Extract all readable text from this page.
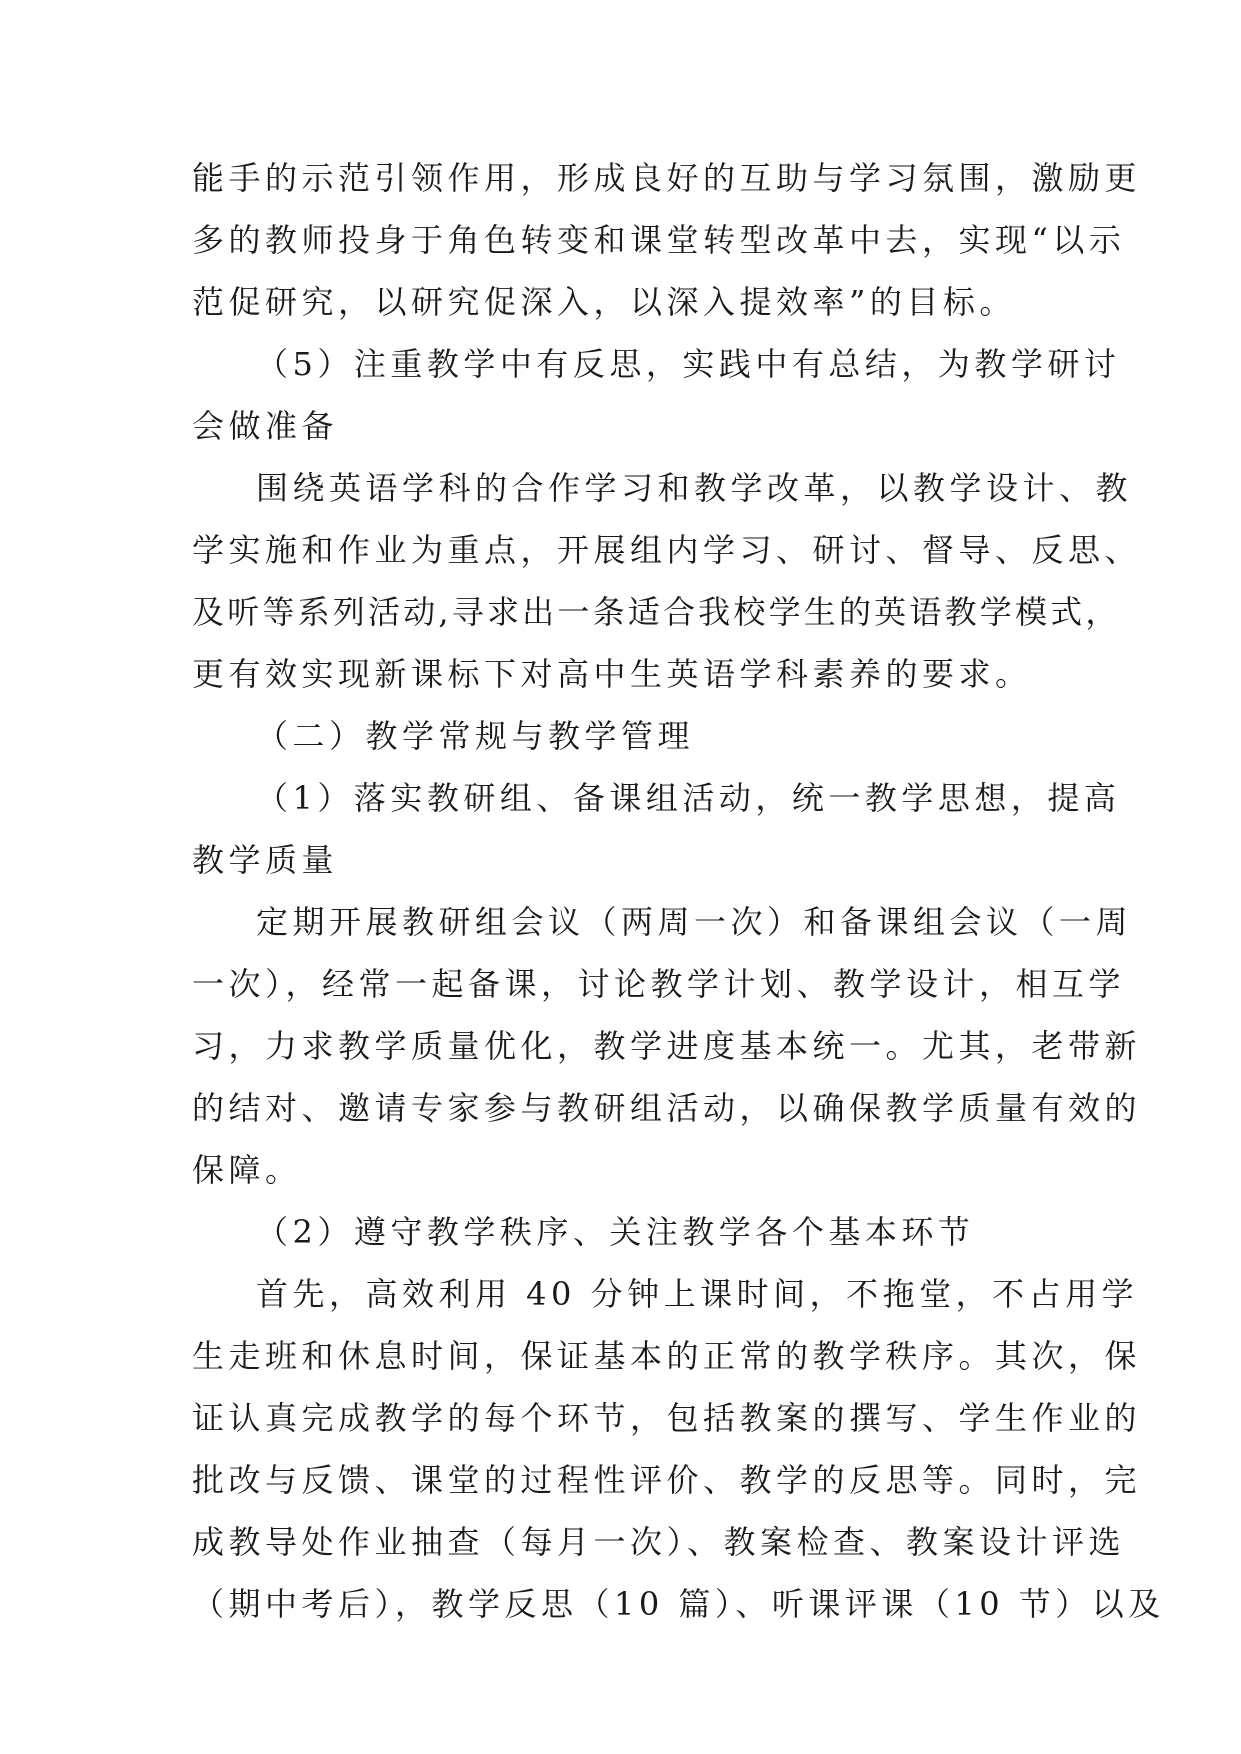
能手的示范引领作用，形成良好的互助与学习氛围，激励更
多的教师投身于角色转变和课堂转型改革中去，实现“以示
范促研究，以研究促深入，以深入提效率”的目标。
（5）注重教学中有反思，实践中有总结，为教学研讨
会做准备
围绕英语学科的合作学习和教学改革，以教学设计、教
学实施和作业为重点，开展组内学习、研讨、督导、反思、
及听等系列活动,寻求出一条适合我校学生的英语教学模式，
更有效实现新课标下对高中生英语学科素养的要求。
（二）教学常规与教学管理
（1）落实教研组、备课组活动，统一教学思想，提高
教学质量
定期开展教研组会议（两周一次）和备课组会议（一周
一次），经常一起备课，讨论教学计划、教学设计，相互学
习，力求教学质量优化，教学进度基本统一。尤其，老带新
的结对、邀请专家参与教研组活动，以确保教学质量有效的
保障。
（2）遵守教学秩序、关注教学各个基本环节
首先，高效利用 40 分钟上课时间，不拖堂，不占用学
生走班和休息时间，保证基本的正常的教学秩序。其次，保
证认真完成教学的每个环节，包括教案的撰写、学生作业的
批改与反馈、课堂的过程性评价、教学的反思等。同时，完
成教导处作业抽查（每月一次）、教案检查、教案设计评选
（期中考后），教学反思（10 篇）、听课评课（10 节）以及
